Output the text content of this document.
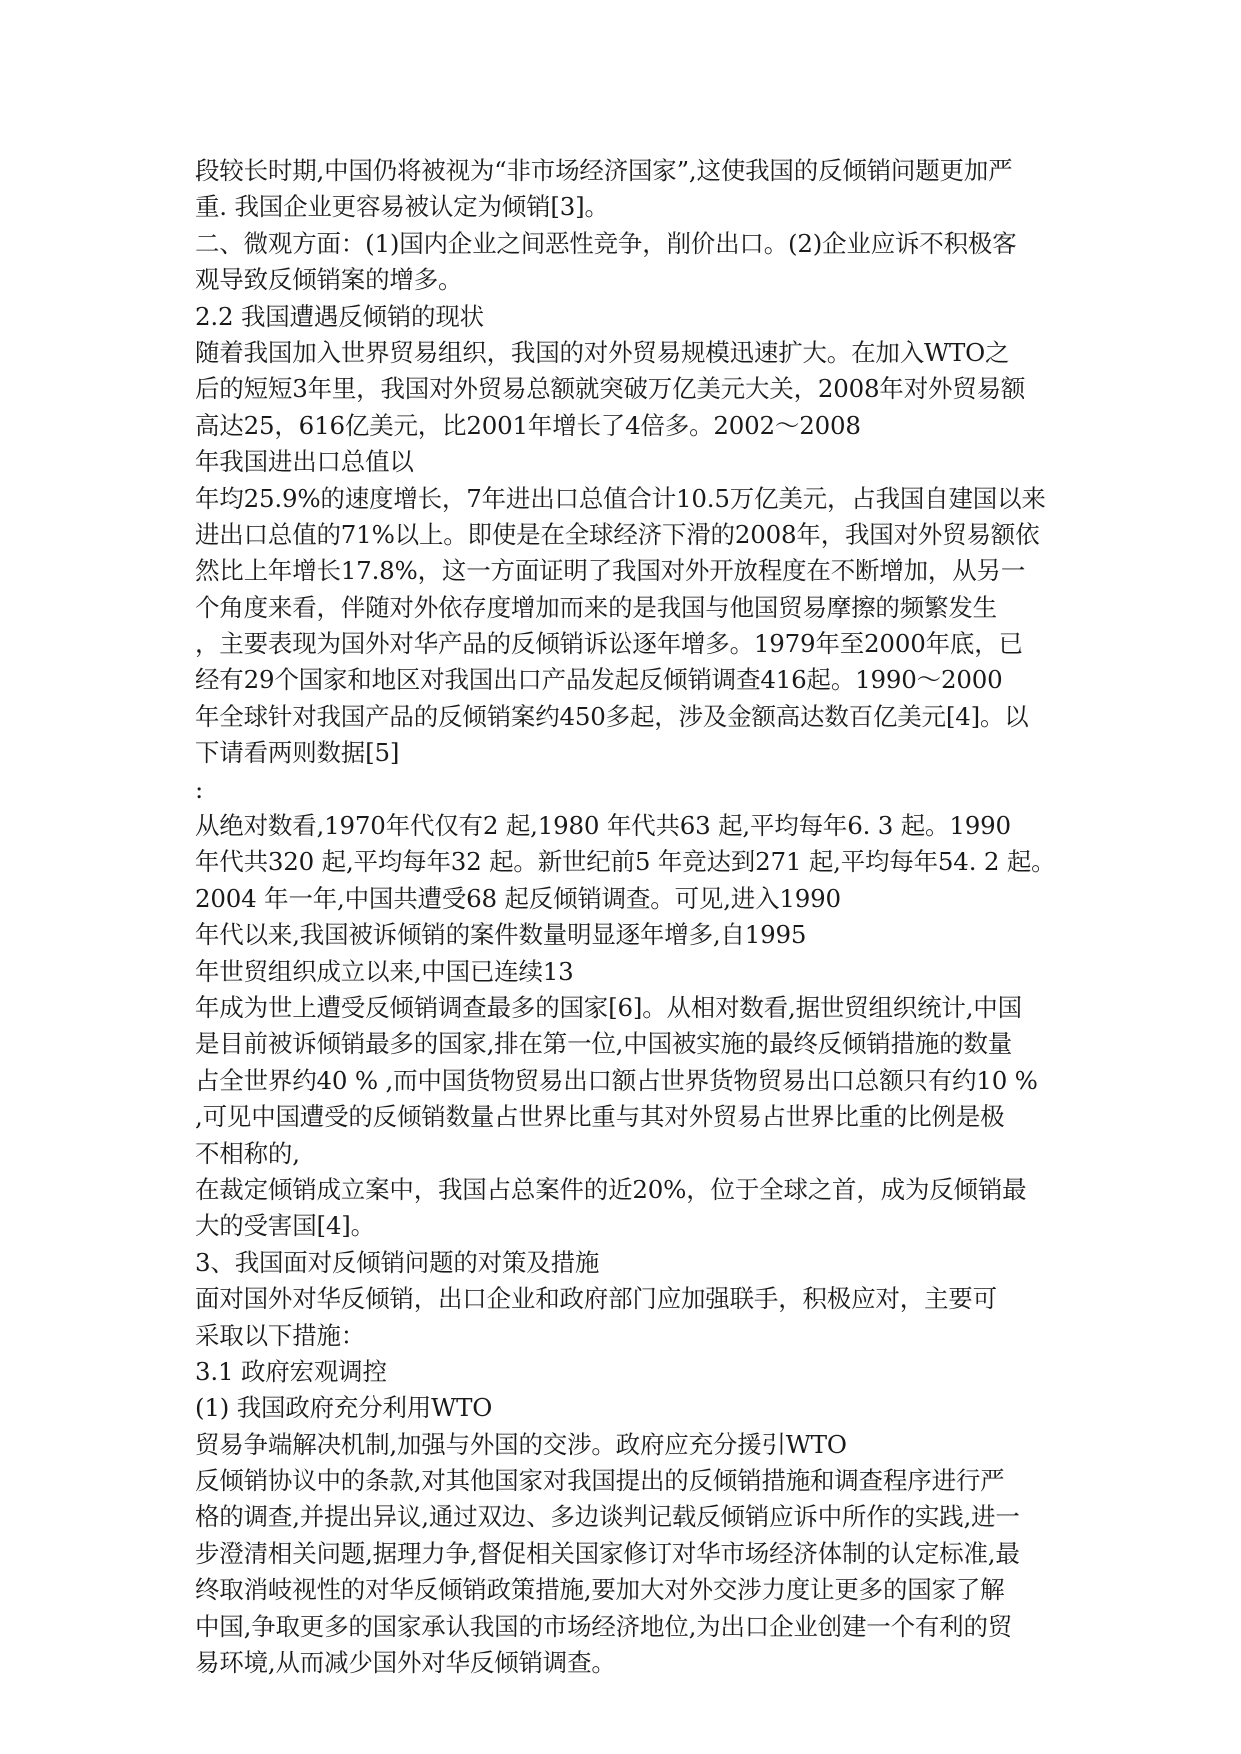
段较长时期,中国仍将被视为“非市场经济国家”,这使我国的反倾销问题更加严
重. 我国企业更容易被认定为倾销[3]。
二、微观方面：(1)国内企业之间恶性竞争，削价出口。(2)企业应诉不积极客
观导致反倾销案的增多。
2.2 我国遭遇反倾销的现状
随着我国加入世界贸易组织，我国的对外贸易规模迅速扩大。在加入WTO之
后的短短3年里，我国对外贸易总额就突破万亿美元大关，2008年对外贸易额
高达25，616亿美元，比2001年增长了4倍多。2002～2008
年我国进出口总值以
年均25.9%的速度增长，7年进出口总值合计10.5万亿美元，占我国自建国以来
进出口总值的71%以上。即使是在全球经济下滑的2008年，我国对外贸易额依
然比上年增长17.8%，这一方面证明了我国对外开放程度在不断增加，从另一
个角度来看，伴随对外依存度增加而来的是我国与他国贸易摩擦的频繁发生
，主要表现为国外对华产品的反倾销诉讼逐年增多。1979年至2000年底，已
经有29个国家和地区对我国出口产品发起反倾销调查416起。1990～2000
年全球针对我国产品的反倾销案约450多起，涉及金额高达数百亿美元[4]。以
下请看两则数据[5]
:
从绝对数看,1970年代仅有2 起,1980 年代共63 起,平均每年6. 3 起。1990
年代共320 起,平均每年32 起。新世纪前5 年竞达到271 起,平均每年54. 2 起。
2004 年一年,中国共遭受68 起反倾销调查。可见,进入1990
年代以来,我国被诉倾销的案件数量明显逐年增多,自1995
年世贸组织成立以来,中国已连续13
年成为世上遭受反倾销调查最多的国家[6]。从相对数看,据世贸组织统计,中国
是目前被诉倾销最多的国家,排在第一位,中国被实施的最终反倾销措施的数量
占全世界约40 % ,而中国货物贸易出口额占世界货物贸易出口总额只有约10 %
,可见中国遭受的反倾销数量占世界比重与其对外贸易占世界比重的比例是极
不相称的,
在裁定倾销成立案中，我国占总案件的近20%，位于全球之首，成为反倾销最
大的受害国[4]。
3、我国面对反倾销问题的对策及措施
面对国外对华反倾销，出口企业和政府部门应加强联手，积极应对，主要可
采取以下措施：
3.1 政府宏观调控
(1) 我国政府充分利用WTO
贸易争端解决机制,加强与外国的交涉。政府应充分援引WTO
反倾销协议中的条款,对其他国家对我国提出的反倾销措施和调查程序进行严
格的调查,并提出异议,通过双边、多边谈判记载反倾销应诉中所作的实践,进一
步澄清相关问题,据理力争,督促相关国家修订对华市场经济体制的认定标准,最
终取消岐视性的对华反倾销政策措施,要加大对外交涉力度让更多的国家了解
中国,争取更多的国家承认我国的市场经济地位,为出口企业创建一个有利的贸
易环境,从而减少国外对华反倾销调查。
